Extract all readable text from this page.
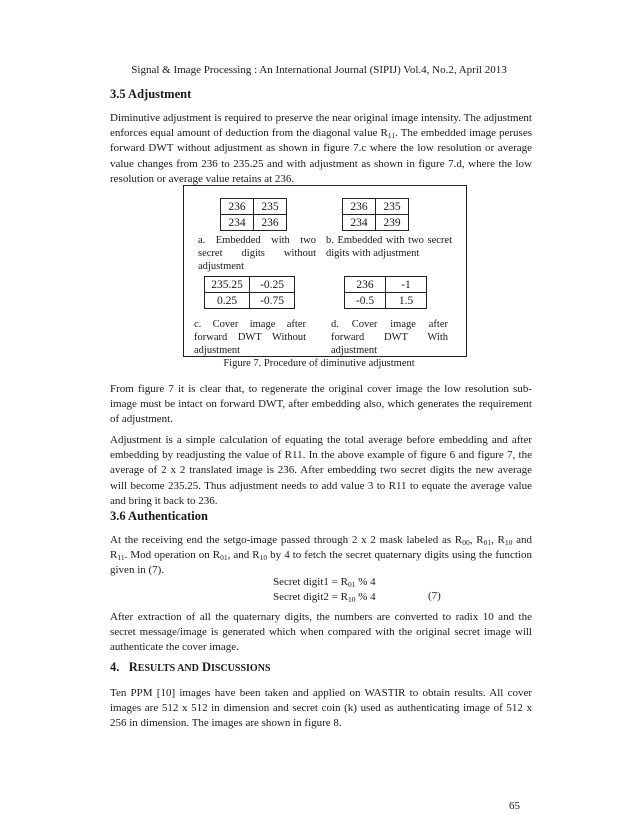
Signal & Image Processing : An International Journal (SIPIJ) Vol.4, No.2, April 2013
3.5 Adjustment

Diminutive adjustment is required to preserve the near original image intensity. The adjustment enforces equal amount of deduction from the diagonal value $R_{11}$. The embedded image peruses forward DWT without adjustment as shown in figure 7.c where the low resolution or average value changes from 236 to 235.25 and with adjustment as shown in figure 7.d, where the low resolution or average value retains at 236.

236	235
234	236
a. Embedded with two secret digits without adjustment
236	235
234	239
b. Embedded with two secret digits with adjustment
235.25	-0.25
0.25	-0.75
c. Cover image after forward DWT Without adjustment
236	-1
-0.5	1.5
d. Cover image after forward DWT With adjustment
Figure 7. Procedure of diminutive adjustment

From figure 7 it is clear that, to regenerate the original cover image the low resolution sub-image must be intact on forward DWT, after embedding also, which generates the requirement of adjustment.

Adjustment is a simple calculation of equating the total average before embedding and after embedding by readjusting the value of R11. In the above example of figure 6 and figure 7, the average of 2 x 2 translated image is 236. After embedding two secret digits the new average will become 235.25. Thus adjustment needs to add value 3 to R11 to equate the average value and bring it back to 236.

3.6 Authentication

At the receiving end the setgo-image passed through 2 x 2 mask labeled as $R_{00}$, $R_{01}$, $R_{10}$ and $R_{11}$. Mod operation on $R_{01}$, and $R_{10}$ by 4 to fetch the secret quaternary digits using the function given in (7).

Secret digit1 = $R_{01}$ % 4
Secret digit2 = $R_{10}$ % 4	(7)

After extraction of all the quaternary digits, the numbers are converted to radix 10 and the secret message/image is generated which when compared with the original secret image will authenticate the cover image.

4. RESULTS AND DISCUSSIONS

Ten PPM [10] images have been taken and applied on WASTIR to obtain results. All cover images are 512 x 512 in dimension and secret coin (k) used as authenticating image of 512 x 256 in dimension. The images are shown in figure 8.

65
